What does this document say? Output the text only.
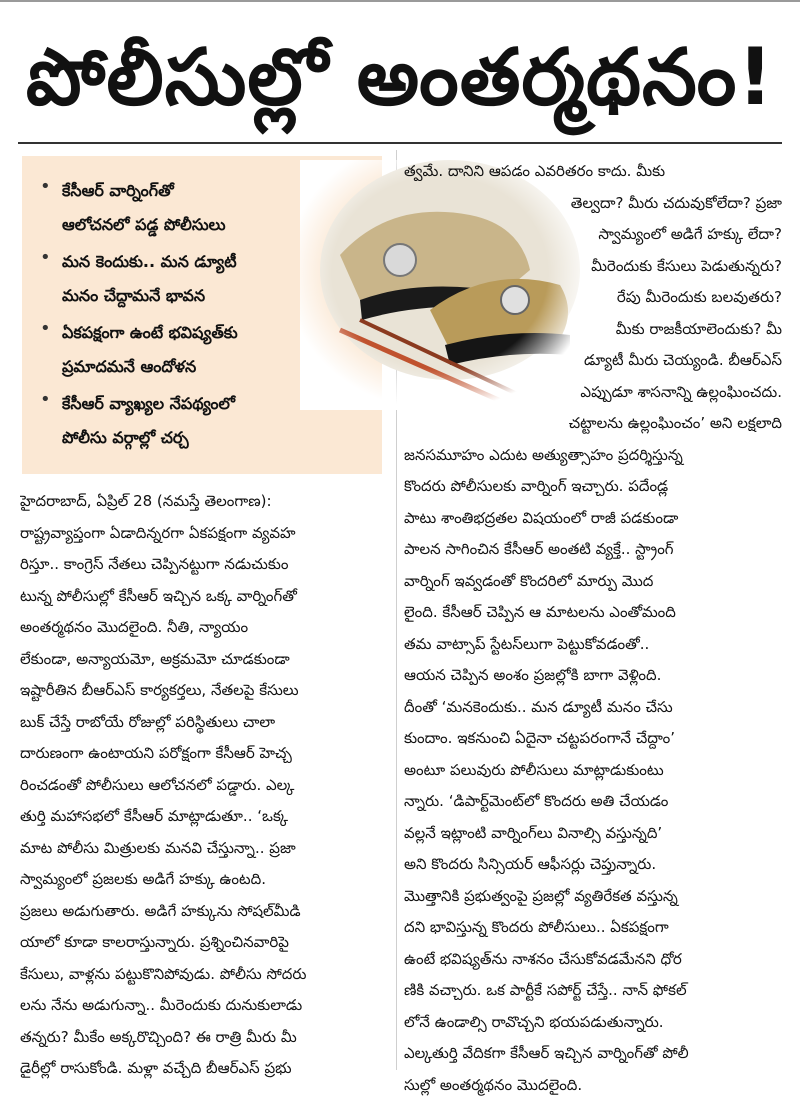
పోలీసుల్లో అంతర్మథనం!
• కేసీఆర్ వార్నింగ్‌తో
ఆలోచనలో పడ్డ పోలీసులు
• మన కెందుకు.. మన డ్యూటీ
మనం చేద్దామనే భావన
• ఏకపక్షంగా ఉంటే భవిష్యత్‌కు
ప్రమాదమనే ఆందోళన
• కేసీఆర్ వ్యాఖ్యల నేపథ్యంలో
పోలీసు వర్గాల్లో చర్చ

త్వమే. దానిని ఆపడం ఎవరితరం కాదు. మీకు

తెల్వదా? మీరు చదువుకోలేదా? ప్రజా

స్వామ్యంలో అడిగే హక్కు లేదా?

మీరెందుకు కేసులు పెడుతున్నరు?

రేపు మీరెందుకు బలవుతరు?

మీకు రాజకీయాలెందుకు? మీ

డ్యూటీ మీరు చెయ్యండి. బీఆర్ఎస్

ఎప్పుడూ శాసనాన్ని ఉల్లంఘించదు.

చట్టాలను ఉల్లంఘించం’ అని లక్షలాది

జనసమూహం ఎదుట అత్యుత్సాహం ప్రదర్శిస్తున్న

కొందరు పోలీసులకు వార్నింగ్ ఇచ్చారు. పదేండ్ల

పాటు శాంతిభద్రతల విషయంలో రాజీ పడకుండా

పాలన సాగించిన కేసీఆర్ అంతటి వ్యక్తే.. స్ట్రాంగ్

వార్నింగ్ ఇవ్వడంతో కొందరిలో మార్పు మొద

లైంది. కేసీఆర్ చెప్పిన ఆ మాటలను ఎంతోమంది

తమ వాట్సాప్ స్టేటస్‌లుగా పెట్టుకోవడంతో..

ఆయన చెప్పిన అంశం ప్రజల్లోకి బాగా వెళ్లింది.

దీంతో ‘మనకెందుకు.. మన డ్యూటీ మనం చేసు

కుందాం. ఇకనుంచి ఏదైనా చట్టపరంగానే చేద్దాం’

అంటూ పలువురు పోలీసులు మాట్లాడుకుంటు

న్నారు. ‘డిపార్ట్‌మెంట్‌లో కొందరు అతి చేయడం

వల్లనే ఇట్లాంటి వార్నింగ్‌లు వినాల్సి వస్తున్నది’

అని కొందరు సిన్సియర్ ఆఫీసర్లు చెప్తున్నారు.

మొత్తానికి ప్రభుత్వంపై ప్రజల్లో వ్యతిరేకత వస్తున్న

దని భావిస్తున్న కొందరు పోలీసులు.. ఏకపక్షంగా

ఉంటే భవిష్యత్‌ను నాశనం చేసుకోవడమేనని ధోర

ణికి వచ్చారు. ఒక పార్టీకే సపోర్ట్ చేస్తే.. నాన్ ఫోకల్

లోనే ఉండాల్సి రావొచ్చని భయపడుతున్నారు.

ఎల్కతుర్తి వేదికగా కేసీఆర్ ఇచ్చిన వార్నింగ్‌తో పోలీ

సుల్లో అంతర్మథనం మొదలైంది.

హైదరాబాద్, ఏప్రిల్ 28 (నమస్తే తెలంగాణ):

రాష్ట్రవ్యాప్తంగా ఏడాదిన్నరగా ఏకపక్షంగా వ్యవహ

రిస్తూ.. కాంగ్రెస్ నేతలు చెప్పినట్టుగా నడుచుకుం

టున్న పోలీసుల్లో కేసీఆర్ ఇచ్చిన ఒక్క వార్నింగ్‌తో

అంతర్మథనం మొదలైంది. నీతి, న్యాయం

లేకుండా, అన్యాయమో, అక్రమమో చూడకుండా

ఇష్టారీతిన బీఆర్ఎస్ కార్యకర్తలు, నేతలపై కేసులు

బుక్ చేస్తే రాబోయే రోజుల్లో పరిస్థితులు చాలా

దారుణంగా ఉంటాయని పరోక్షంగా కేసీఆర్ హెచ్చ

రించడంతో పోలీసులు ఆలోచనలో పడ్డారు. ఎల్క

తుర్తి మహాసభలో కేసీఆర్ మాట్లాడుతూ.. ‘ఒక్క

మాట పోలీసు మిత్రులకు మనవి చేస్తున్నా.. ప్రజా

స్వామ్యంలో ప్రజలకు అడిగే హక్కు ఉంటది.

ప్రజలు అడుగుతారు. అడిగే హక్కును సోషల్‌మీడి

యాలో కూడా కాలరాస్తున్నారు. ప్రశ్నించినవారిపై

కేసులు, వాళ్లను పట్టుకొనిపోవుడు. పోలీసు సోదరు

లను నేను అడుగున్నా.. మీరెందుకు దునుకులాడు

తన్నరు? మీకేం అక్కరొచ్చింది? ఈ రాత్రి మీరు మీ

డైరీల్లో రాసుకోండి. మళ్లా వచ్చేది బీఆర్ఎస్ ప్రభు
